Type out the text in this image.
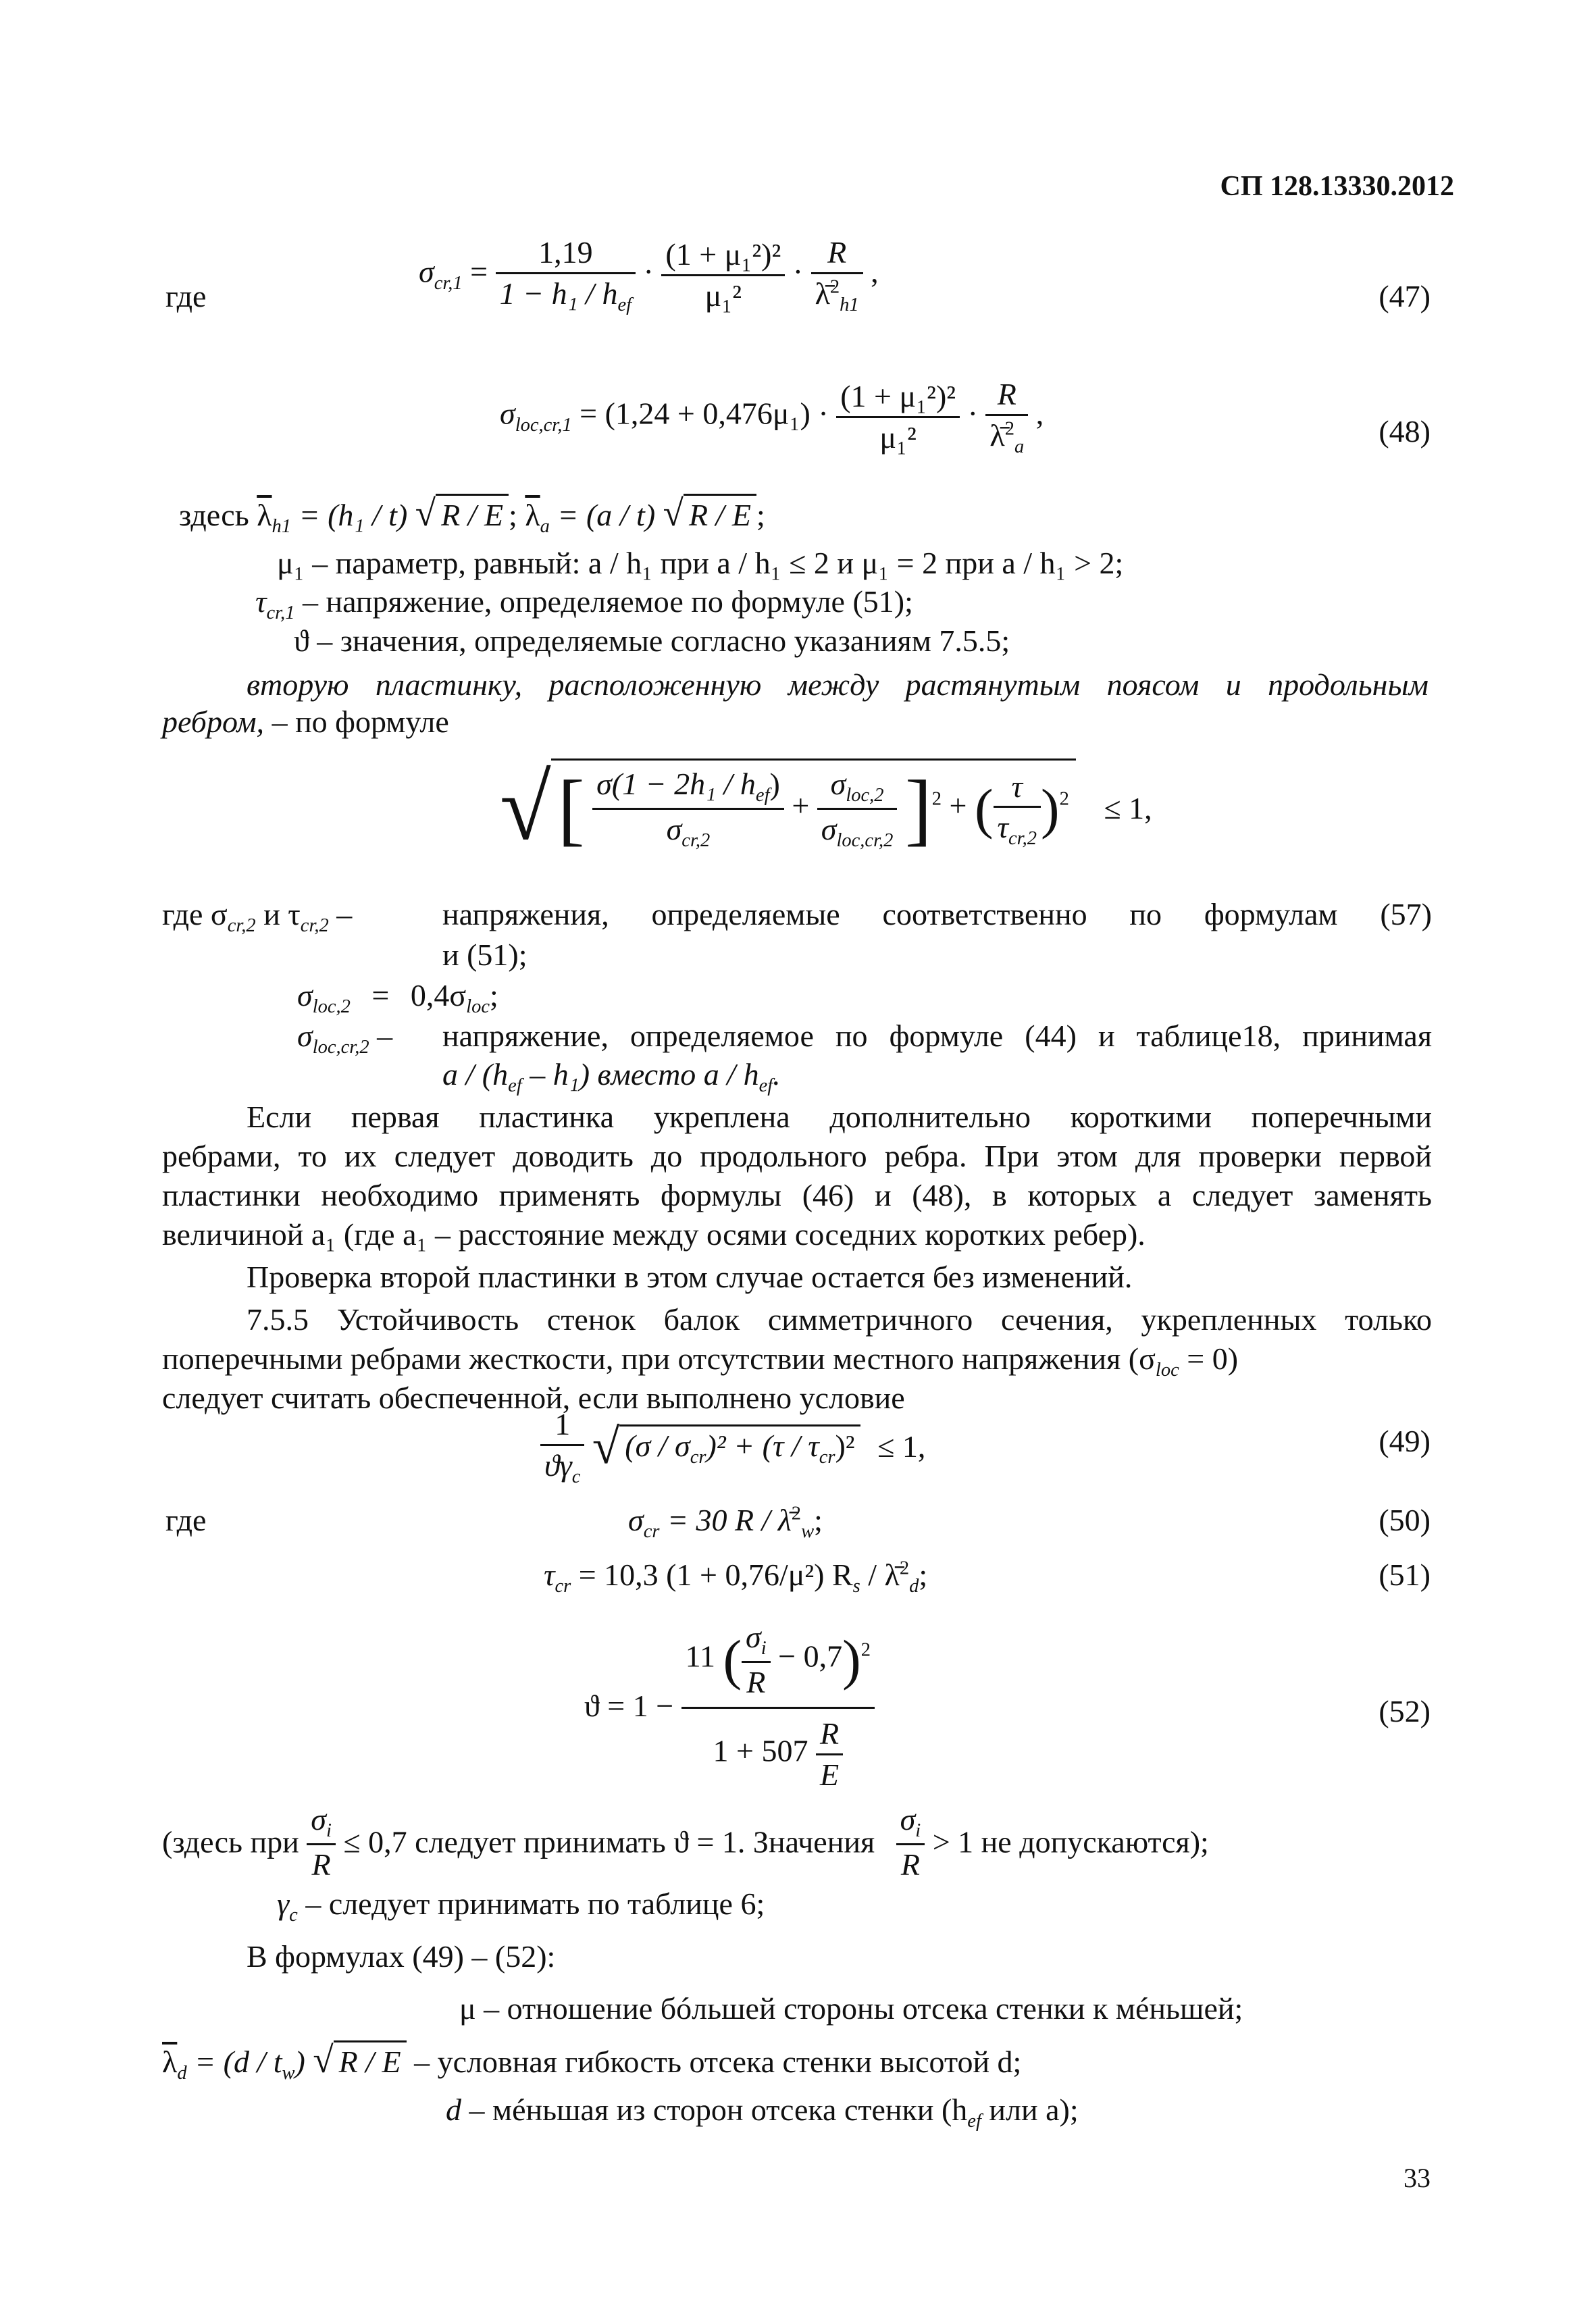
СП 128.13330.2012
где
$\sigma_{cr,1} = \frac{1,19}{1 - h_1 / h_{ef}} \cdot \frac{\text{(1 + μ₁²)²}}{\text{μ₁²}} \cdot \frac{R}{\lambdā^2_{h1}}$ ,
(47)
$\sigma_{loc,cr,1} = (1,24 + 0,476\mu_1) \cdot \frac{\text{(1 + μ₁²)²}}{\text{μ₁²}} \cdot \frac{R}{\lambdā^2_a}$ ,
(48)
здесь $\overline{\lambda}_{h1} = (h_1 / t)$ √ R / E ; $\overline{\lambda}_a = (a / t)$ √ R / E ;
μ₁ – параметр, равный: a / h₁ при a / h₁ ≤ 2 и μ₁ = 2 при a / h₁ > 2;
$\tau_{cr,1}$ – напряжение, определяемое по формуле (51);
ϑ – значения, определяемые согласно указаниям 7.5.5;
вторую пластинку, расположенную между растянутым поясом и продольным
ребром, – по формуле
√[ $\frac{\sigma(1 - 2h_1 / h_{ef})}{\sigma_{cr,2}} + \frac{\sigma_{loc,2}}{\sigma_{loc,cr,2}} ]^2$ + ( $\frac{\tau}{\tau_{cr,2}} )^2 \le 1$,
где $\sigma_{cr,2}$ и $\tau_{cr,2}$ –	напряжения, определяемые соответственно по формулам (57)
и (51);
$\sigma_{loc,2} = 0,4\sigma_{loc}$;
$\sigma_{loc,cr,2}$ – напряжение, определяемое по формуле (44) и таблице18, принимая
a / $(h_{ef} - h_1)$ вместо a / $h_{ef}$.
Если первая пластинка укреплена дополнительно короткими поперечными
ребрами, то их следует доводить до продольного ребра. При этом для проверки первой
пластинки необходимо применять формулы (46) и (48), в которых a следует заменять
величиной a₁ (где a₁ – расстояние между осями соседних коротких ребер).
Проверка второй пластинки в этом случае остается без изменений.
7.5.5 Устойчивость стенок балок симметричного сечения, укрепленных только
поперечными ребрами жесткости, при отсутствии местного напряжения $(\sigma_{loc} = 0)$
следует считать обеспеченной, если выполнено условие
$\frac{1}{ϑ\gamma_c}$ √ $(\sigma / \sigma_{cr})^2 + (\tau / \tau_{cr})^2 \le 1$,	(49)
где	$\sigma_{cr} = 30$ R / λ̄$^2_w$;	(50)
$\tau_{cr} = 10,3$ (1 + 0,76/μ²) $R_s$ / λ̄$^2_d$;	(51)
$ϑ = 1 - \frac{11 ( \frac{\sigma_i}{R} - 0,7)^2}{1 + 507 \frac{R}{E}}$	(52)
(здесь при $\frac{\sigma_i}{R} \le 0,7$ следует принимать ϑ = 1. Значения $\frac{\sigma_i}{R} > 1$ не допускаются);
$\gamma_c$ – следует принимать по таблице 6;
В формулах (49) – (52):
μ – отношение бóльшей стороны отсека стенки к мéньшей;
$\overline{\lambda}_d = (d / t_w)$ √ R / E – условная гибкость отсека стенки высотой d;
d – мéньшая из сторон отсека стенки ($h_{ef}$ или a);
33
